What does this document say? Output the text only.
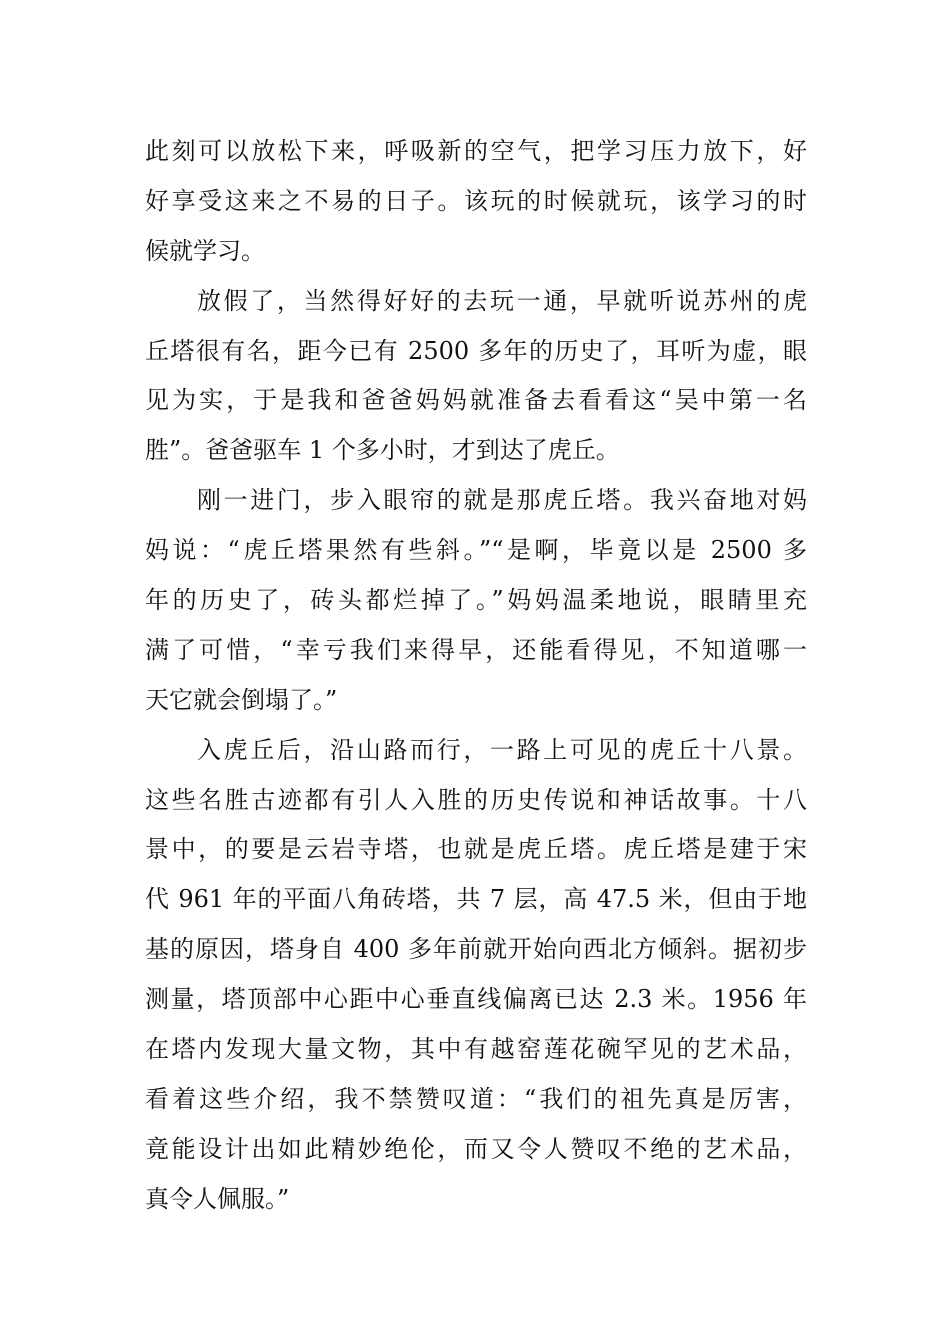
此刻可以放松下来，呼吸新的空气，把学习压力放下，好
好享受这来之不易的日子。该玩的时候就玩，该学习的时
候就学习。
放假了，当然得好好的去玩一通，早就听说苏州的虎
丘塔很有名，距今已有 2500 多年的历史了，耳听为虚，眼
见为实，于是我和爸爸妈妈就准备去看看这“吴中第一名
胜”。爸爸驱车 1 个多小时，才到达了虎丘。
刚一进门，步入眼帘的就是那虎丘塔。我兴奋地对妈
妈说：“虎丘塔果然有些斜。”“是啊，毕竟以是 2500 多
年的历史了，砖头都烂掉了。”妈妈温柔地说，眼睛里充
满了可惜，“幸亏我们来得早，还能看得见，不知道哪一
天它就会倒塌了。”
入虎丘后，沿山路而行，一路上可见的虎丘十八景。
这些名胜古迹都有引人入胜的历史传说和神话故事。十八
景中，的要是云岩寺塔，也就是虎丘塔。虎丘塔是建于宋
代 961 年的平面八角砖塔，共 7 层，高 47.5 米，但由于地
基的原因，塔身自 400 多年前就开始向西北方倾斜。据初步
测量，塔顶部中心距中心垂直线偏离已达 2.3 米。1956 年
在塔内发现大量文物，其中有越窑莲花碗罕见的艺术品，
看着这些介绍，我不禁赞叹道：“我们的祖先真是厉害，
竟能设计出如此精妙绝伦，而又令人赞叹不绝的艺术品，
真令人佩服。”
